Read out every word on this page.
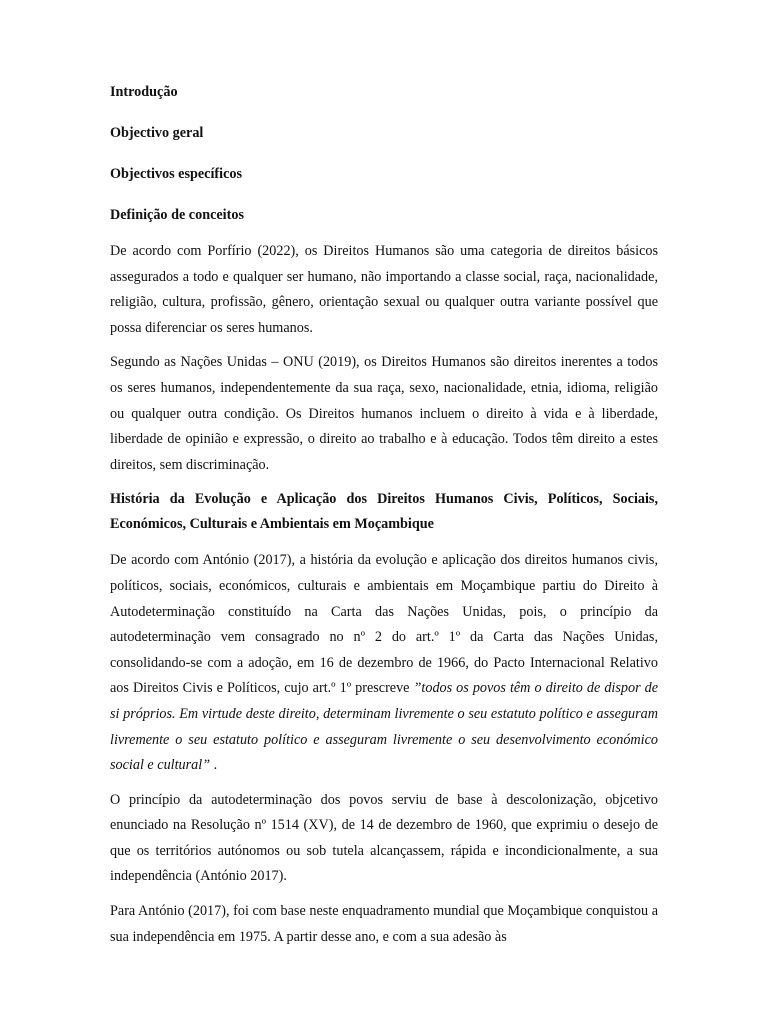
Introdução
Objectivo geral
Objectivos específicos
Definição de conceitos

De acordo com Porfírio (2022), os Direitos Humanos são uma categoria de direitos básicos assegurados a todo e qualquer ser humano, não importando a classe social, raça, nacionalidade, religião, cultura, profissão, gênero, orientação sexual ou qualquer outra variante possível que possa diferenciar os seres humanos.

Segundo as Nações Unidas – ONU (2019), os Direitos Humanos são direitos inerentes a todos os seres humanos, independentemente da sua raça, sexo, nacionalidade, etnia, idioma, religião ou qualquer outra condição. Os Direitos humanos incluem o direito à vida e à liberdade, liberdade de opinião e expressão, o direito ao trabalho e à educação. Todos têm direito a estes direitos, sem discriminação.

História da Evolução e Aplicação dos Direitos Humanos Civis, Políticos, Sociais, Económicos, Culturais e Ambientais em Moçambique

De acordo com António (2017), a história da evolução e aplicação dos direitos humanos civis, políticos, sociais, económicos, culturais e ambientais em Moçambique partiu do Direito à Autodeterminação constituído na Carta das Nações Unidas, pois, o princípio da autodeterminação vem consagrado no nº 2 do art.º 1º da Carta das Nações Unidas, consolidando-se com a adoção, em 16 de dezembro de 1966, do Pacto Internacional Relativo aos Direitos Civis e Políticos, cujo art.º 1º prescreve ”todos os povos têm o direito de dispor de si próprios. Em virtude deste direito, determinam livremente o seu estatuto político e asseguram livremente o seu estatuto político e asseguram livremente o seu desenvolvimento económico social e cultural” .

O princípio da autodeterminação dos povos serviu de base à descolonização, objcetivo enunciado na Resolução nº 1514 (XV), de 14 de dezembro de 1960, que exprimiu o desejo de que os territórios autónomos ou sob tutela alcançassem, rápida e incondicionalmente, a sua independência (António 2017).

Para António (2017), foi com base neste enquadramento mundial que Moçambique conquistou a sua independência em 1975. A partir desse ano, e com a sua adesão às
